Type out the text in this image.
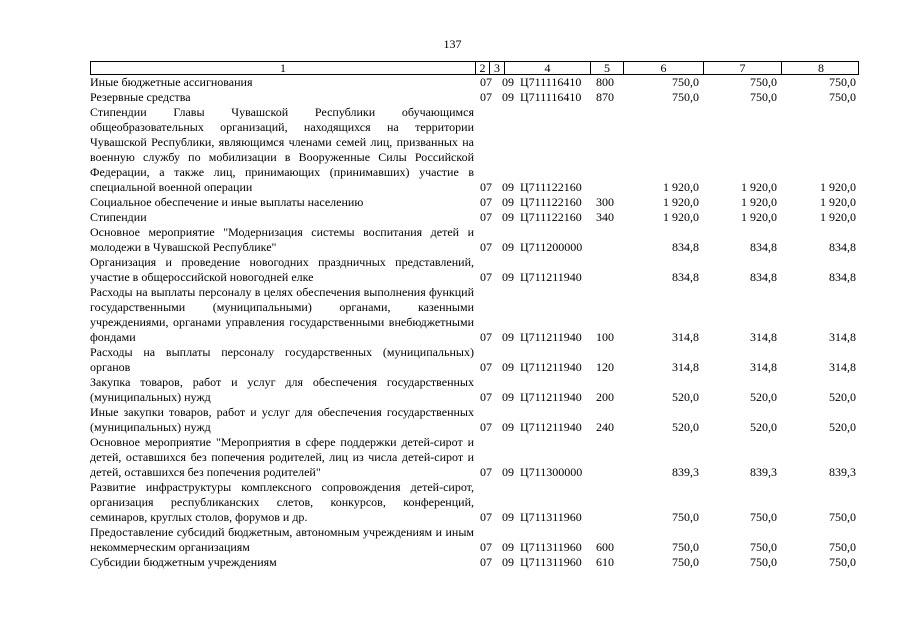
137
1	2 3	4	5	6	7	8
Иные бюджетные ассигнования	07 09 Ц711116410 800	750,0	750,0	750,0
Резервные средства	07 09 Ц711116410 870	750,0	750,0	750,0
Стипендии Главы Чувашской Республики обучающимся общеобразовательных организаций, находящихся на территории Чувашской Республики, являющимся членами семей лиц, призванных на военную службу по мобилизации в Вооруженные Силы Российской Федерации, а также лиц, принимающих (принимавших) участие в специальной военной операции	07 09 Ц711122160	1 920,0	1 920,0	1 920,0
Социальное обеспечение и иные выплаты населению	07 09 Ц711122160 300	1 920,0	1 920,0	1 920,0
Стипендии	07 09 Ц711122160 340	1 920,0	1 920,0	1 920,0
Основное мероприятие "Модернизация системы воспитания детей и молодежи в Чувашской Республике"	07 09 Ц711200000	834,8	834,8	834,8
Организация и проведение новогодних праздничных представлений, участие в общероссийской новогодней елке	07 09 Ц711211940	834,8	834,8	834,8
Расходы на выплаты персоналу в целях обеспечения выполнения функций государственными (муниципальными) органами, казенными учреждениями, органами управления государственными внебюджетными фондами	07 09 Ц711211940 100	314,8	314,8	314,8
Расходы на выплаты персоналу государственных (муниципальных) органов	07 09 Ц711211940 120	314,8	314,8	314,8
Закупка товаров, работ и услуг для обеспечения государственных (муниципальных) нужд	07 09 Ц711211940 200	520,0	520,0	520,0
Иные закупки товаров, работ и услуг для обеспечения государственных (муниципальных) нужд	07 09 Ц711211940 240	520,0	520,0	520,0
Основное мероприятие "Мероприятия в сфере поддержки детей-сирот и детей, оставшихся без попечения родителей, лиц из числа детей-сирот и детей, оставшихся без попечения родителей"	07 09 Ц711300000	839,3	839,3	839,3
Развитие инфраструктуры комплексного сопровождения детей-сирот, организация республиканских слетов, конкурсов, конференций, семинаров, круглых столов, форумов и др.	07 09 Ц711311960	750,0	750,0	750,0
Предоставление субсидий бюджетным, автономным учреждениям и иным некоммерческим организациям	07 09 Ц711311960 600	750,0	750,0	750,0
Субсидии бюджетным учреждениям	07 09 Ц711311960 610	750,0	750,0	750,0
